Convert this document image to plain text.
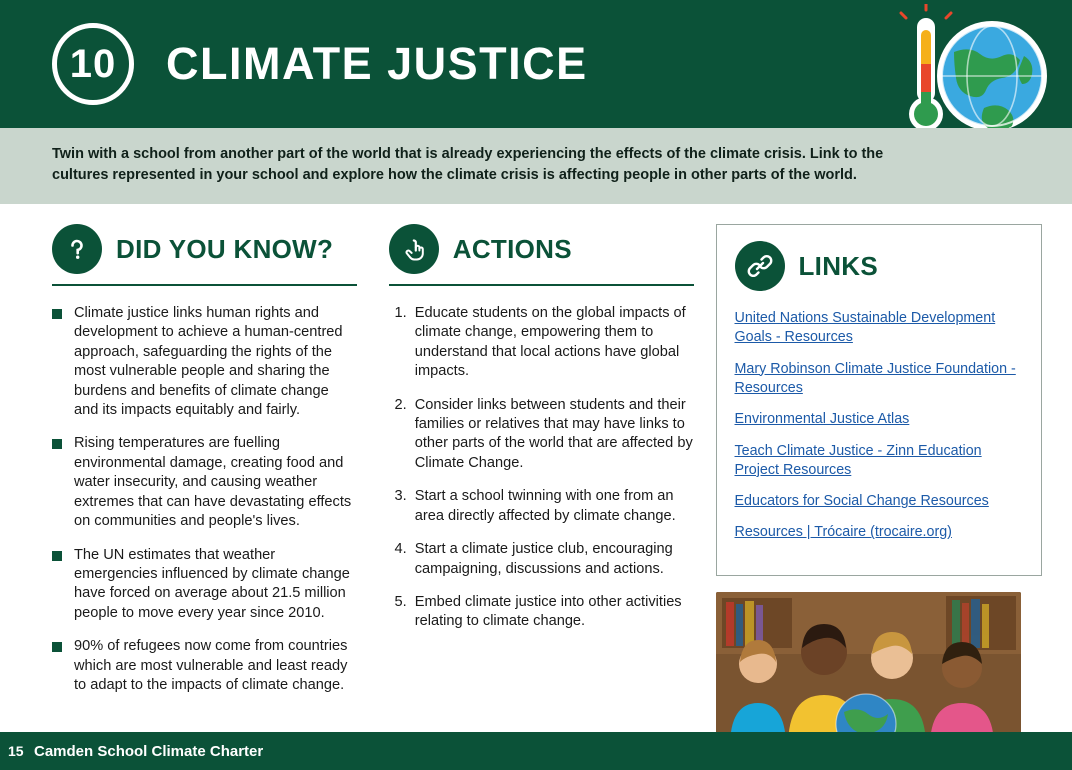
10	CLIMATE JUSTICE
Twin with a school from another part of the world that is already experiencing the effects of the climate crisis. Link to the cultures represented in your school and explore how the climate crisis is affecting people in other parts of the world.
DID YOU KNOW?
Climate justice links human rights and development to achieve a human-centred approach, safeguarding the rights of the most vulnerable people and sharing the burdens and benefits of climate change and its impacts equitably and fairly.
Rising temperatures are fuelling environmental damage, creating food and water insecurity, and causing weather extremes that can have devastating effects on communities and people's lives.
The UN estimates that weather emergencies influenced by climate change have forced on average about 21.5 million people to move every year since 2010.
90% of refugees now come from countries which are most vulnerable and least ready to adapt to the impacts of climate change.
ACTIONS
1. Educate students on the global impacts of climate change, empowering them to understand that local actions have global impacts.
2. Consider links between students and their families or relatives that may have links to other parts of the world that are affected by Climate Change.
3. Start a school twinning with one from an area directly affected by climate change.
4. Start a climate justice club, encouraging campaigning, discussions and actions.
5. Embed climate justice into other activities relating to climate change.
LINKS
United Nations Sustainable Development Goals - Resources
Mary Robinson Climate Justice Foundation - Resources
Environmental Justice Atlas
Teach Climate Justice - Zinn Education Project Resources
Educators for Social Change Resources
Resources | Trócaire (trocaire.org)
15 Camden School Climate Charter
